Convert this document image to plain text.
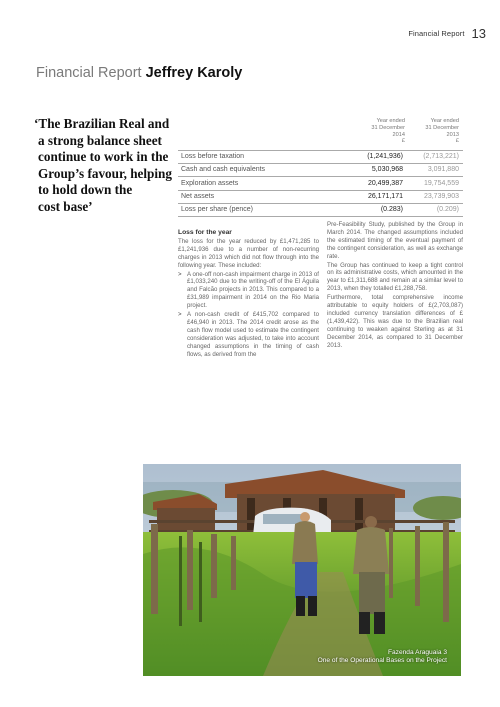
Financial Report 13
Financial Report Jeffrey Karoly

‘The Brazilian Real and
a strong balance sheet
continue to work in the
Group’s favour, helping
to hold down the
cost base’

Year ended
31 December
2014
£
Year ended
31 December
2013
£
Loss before taxation	(1,241,936)	(2,713,221)
Cash and cash equivalents	5,030,968	3,091,880
Exploration assets	20,499,387	19,754,559
Net assets	26,171,171	23,739,903
Loss per share (pence)	(0.283)	(0.209)

Loss for the year

The loss for the year reduced by £1,471,285 to £1,241,936 due to a number of non-recurring charges in 2013 which did not flow through into the following year. These included:

> A one-off non-cash impairment charge in 2013 of £1,033,240 due to the writing-off of the El Águila and Falcão projects in 2013. This compared to a £31,989 impairment in 2014 on the Rio Maria project.
> A non-cash credit of £415,702 compared to £46,940 in 2013. The 2014 credit arose as the cash flow model used to estimate the contingent consideration was adjusted, to take into account changed assumptions in the timing of cash flows, as derived from the

Pre-Feasibility Study, published by the Group in March 2014. The changed assumptions included the estimated timing of the eventual payment of the contingent consideration, as well as exchange rate.

The Group has continued to keep a tight control on its administrative costs, which amounted in the year to £1,311,688 and remain at a similar level to 2013, when they totalled £1,288,758.

Furthermore, total comprehensive income attributable to equity holders of £(2,703,087) included currency translation differences of £(1,439,422). This was due to the Brazilian real continuing to weaken against Sterling as at 31 December 2014, as compared to 31 December 2013.

Fazenda Araguaia 3
One of the Operational Bases on the Project
